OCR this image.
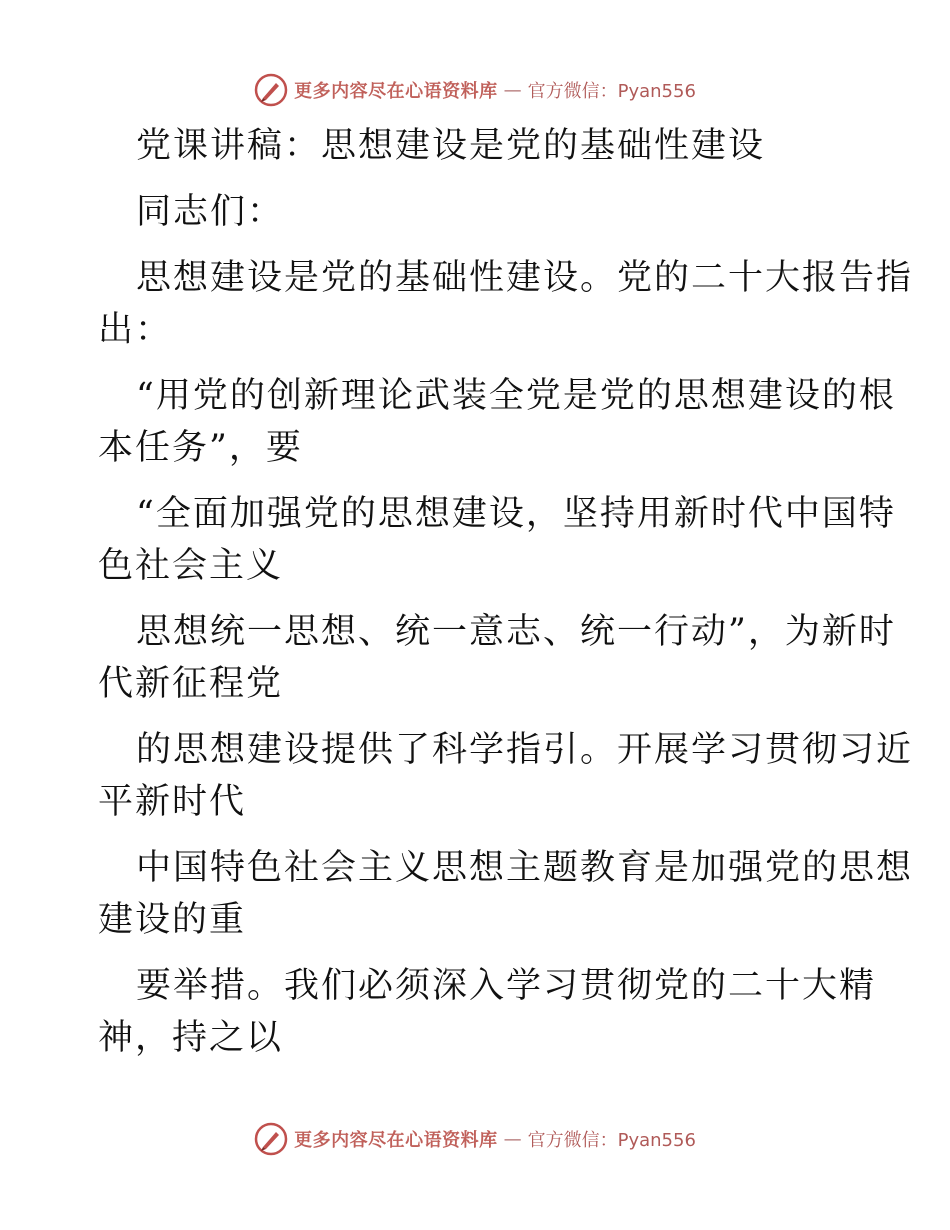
更多内容尽在心语资料库 — 官方微信：Pyan556
党课讲稿：思想建设是党的基础性建设
同志们：
思想建设是党的基础性建设。党的二十大报告指
出：
“用党的创新理论武装全党是党的思想建设的根
本任务”，要
“全面加强党的思想建设，坚持用新时代中国特
色社会主义
思想统一思想、统一意志、统一行动”，为新时
代新征程党
的思想建设提供了科学指引。开展学习贯彻习近
平新时代
中国特色社会主义思想主题教育是加强党的思想
建设的重
要举措。我们必须深入学习贯彻党的二十大精
神，持之以
更多内容尽在心语资料库 — 官方微信：Pyan556
